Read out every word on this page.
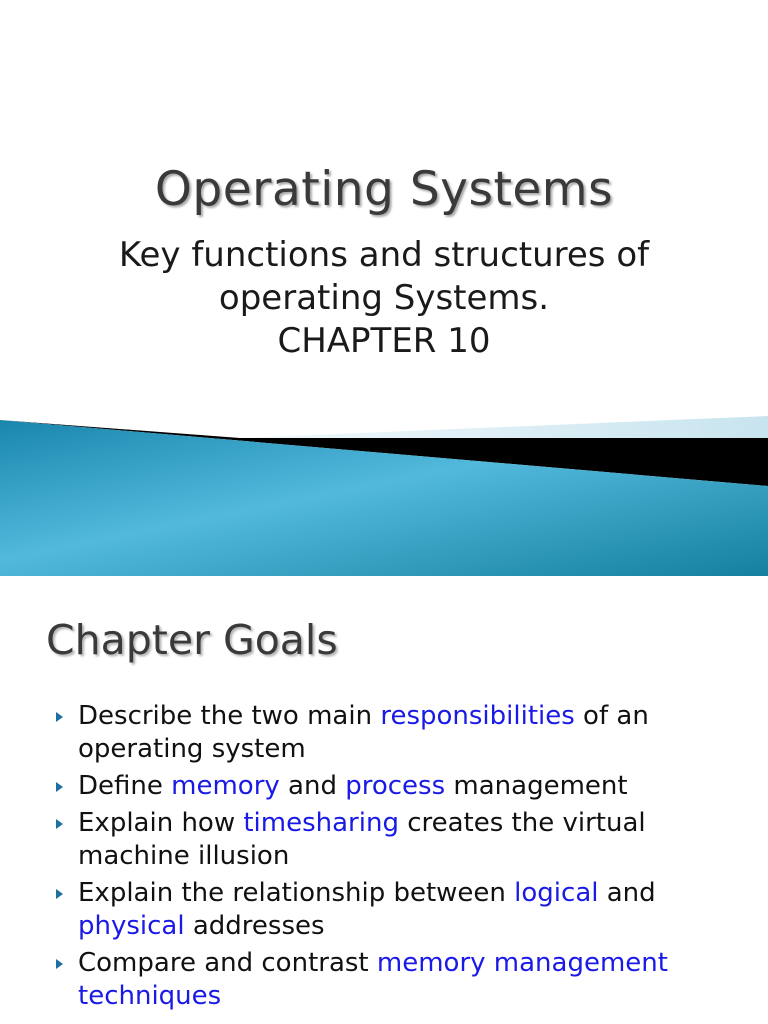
Operating Systems
Key functions and structures of
operating Systems.
CHAPTER 10
Chapter Goals
Describe the two main responsibilities of an operating system
Define memory and process management
Explain how timesharing creates the virtual machine illusion
Explain the relationship between logical and physical addresses
Compare and contrast memory management techniques
